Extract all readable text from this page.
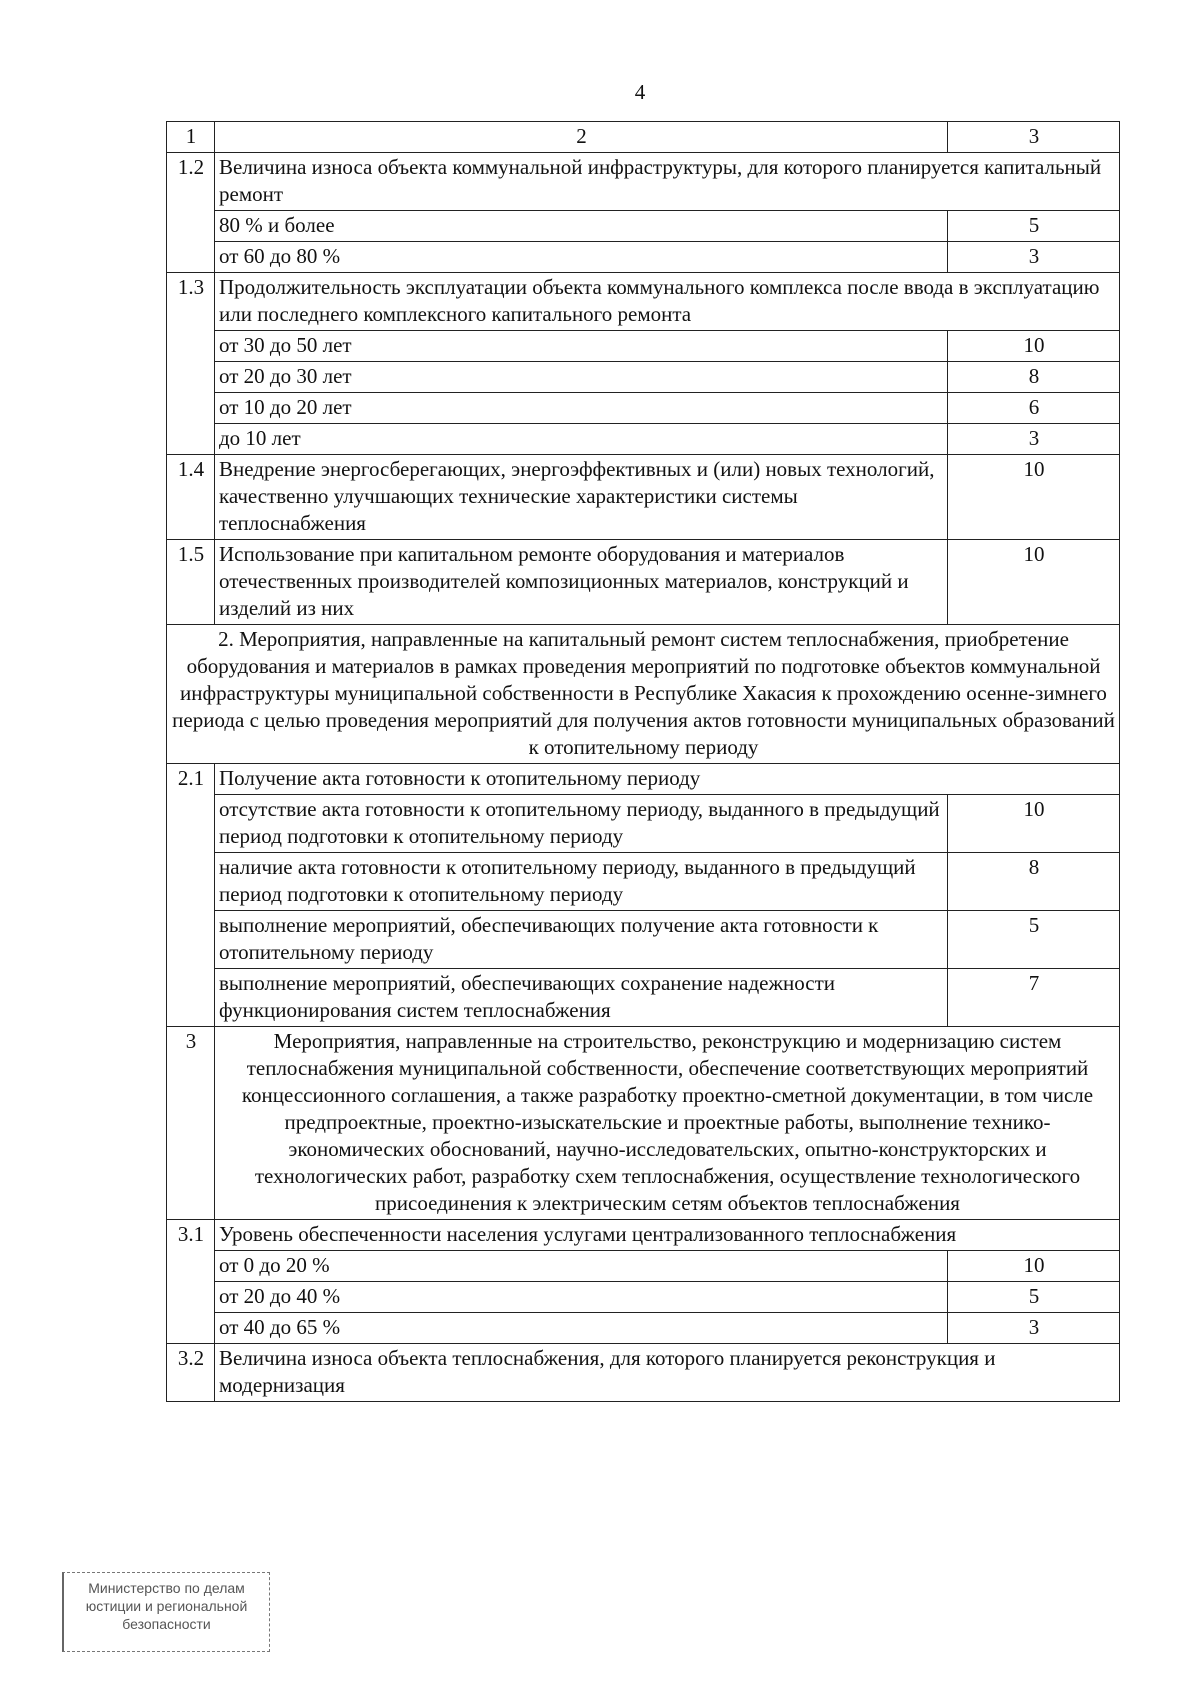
4
1	2	3
1.2	Величина износа объекта коммунальной инфраструктуры, для которого планируется капитальный ремонт	
	80 % и более	5
	от 60 до 80 %	3
1.3	Продолжительность эксплуатации объекта коммунального комплекса после ввода в эксплуатацию или последнего комплексного капитального ремонта	
	от 30 до 50 лет	10
	от 20 до 30 лет	8
	от 10 до 20 лет	6
	до 10 лет	3
1.4	Внедрение энергосберегающих, энергоэффективных и (или) новых технологий, качественно улучшающих технические характеристики системы теплоснабжения	10
1.5	Использование при капитальном ремонте оборудования и материалов отечественных производителей композиционных материалов, конструкций и изделий из них	10
2. Мероприятия, направленные на капитальный ремонт систем теплоснабжения, приобретение оборудования и материалов в рамках проведения мероприятий по подготовке объектов коммунальной инфраструктуры муниципальной собственности в Республике Хакасия к прохождению осенне-зимнего периода с целью проведения мероприятий для получения актов готовности муниципальных образований к отопительному периоду		
2.1	Получение акта готовности к отопительному периоду	
	отсутствие акта готовности к отопительному периоду, выданного в предыдущий период подготовки к отопительному периоду	10
	наличие акта готовности к отопительному периоду, выданного в предыдущий период подготовки к отопительному периоду	8
	выполнение мероприятий, обеспечивающих получение акта готовности к отопительному периоду	5
	выполнение мероприятий, обеспечивающих сохранение надежности функционирования систем теплоснабжения	7
3	Мероприятия, направленные на строительство, реконструкцию и модернизацию систем теплоснабжения муниципальной собственности, обеспечение соответствующих мероприятий концессионного соглашения, а также разработку проектно-сметной документации, в том числе предпроектные, проектно-изыскательские и проектные работы, выполнение технико-экономических обоснований, научно-исследовательских, опытно-конструкторских и технологических работ, разработку схем теплоснабжения, осуществление технологического присоединения к электрическим сетям объектов теплоснабжения	
3.1	Уровень обеспеченности населения услугами централизованного теплоснабжения	
	от 0 до 20 %	10
	от 20 до 40 %	5
	от 40 до 65 %	3
3.2	Величина износа объекта теплоснабжения, для которого планируется реконструкция и модернизация	
Министерство по делам юстиции и региональной безопасности
